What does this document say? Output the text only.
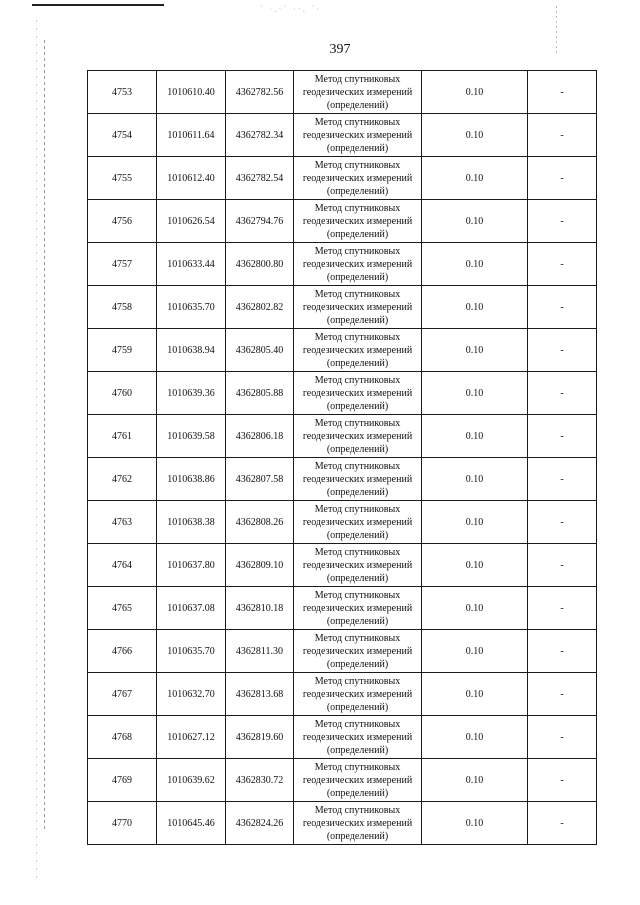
˙ ·.·˙ ··. ˙·
397
4753	1010610.40	4362782.56	Метод спутниковых
геодезических измерений
(определений)	0.10	-
4754	1010611.64	4362782.34	Метод спутниковых
геодезических измерений
(определений)	0.10	-
4755	1010612.40	4362782.54	Метод спутниковых
геодезических измерений
(определений)	0.10	-
4756	1010626.54	4362794.76	Метод спутниковых
геодезических измерений
(определений)	0.10	-
4757	1010633.44	4362800.80	Метод спутниковых
геодезических измерений
(определений)	0.10	-
4758	1010635.70	4362802.82	Метод спутниковых
геодезических измерений
(определений)	0.10	-
4759	1010638.94	4362805.40	Метод спутниковых
геодезических измерений
(определений)	0.10	-
4760	1010639.36	4362805.88	Метод спутниковых
геодезических измерений
(определений)	0.10	-
4761	1010639.58	4362806.18	Метод спутниковых
геодезических измерений
(определений)	0.10	-
4762	1010638.86	4362807.58	Метод спутниковых
геодезических измерений
(определений)	0.10	-
4763	1010638.38	4362808.26	Метод спутниковых
геодезических измерений
(определений)	0.10	-
4764	1010637.80	4362809.10	Метод спутниковых
геодезических измерений
(определений)	0.10	-
4765	1010637.08	4362810.18	Метод спутниковых
геодезических измерений
(определений)	0.10	-
4766	1010635.70	4362811.30	Метод спутниковых
геодезических измерений
(определений)	0.10	-
4767	1010632.70	4362813.68	Метод спутниковых
геодезических измерений
(определений)	0.10	-
4768	1010627.12	4362819.60	Метод спутниковых
геодезических измерений
(определений)	0.10	-
4769	1010639.62	4362830.72	Метод спутниковых
геодезических измерений
(определений)	0.10	-
4770	1010645.46	4362824.26	Метод спутниковых
геодезических измерений
(определений)	0.10	-
